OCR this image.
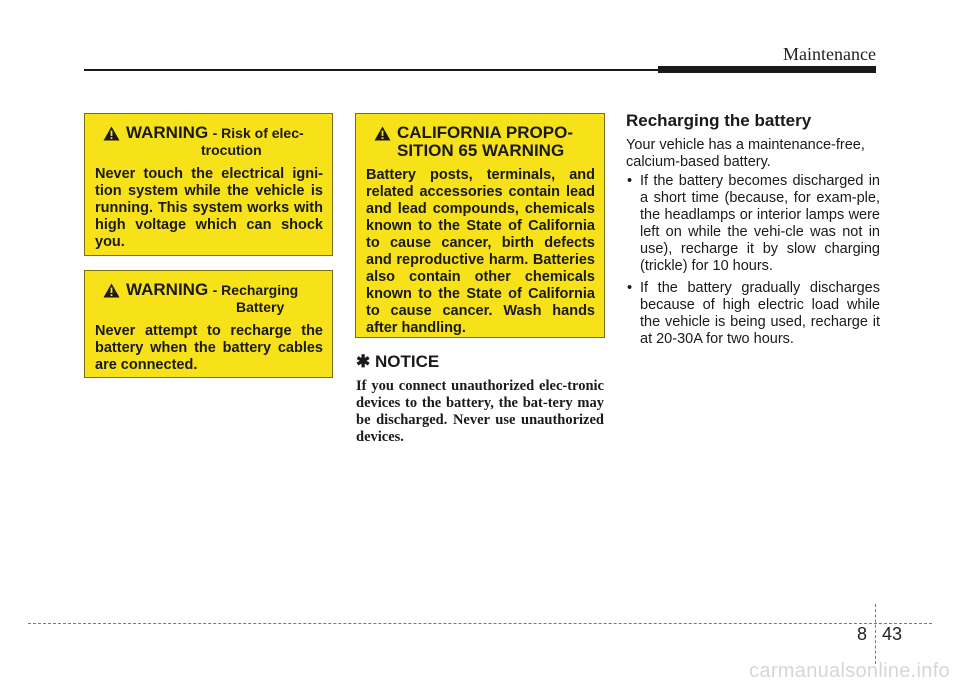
Maintenance
WARNING - Risk of elec-
trocution
Never touch the electrical igni-tion system while the vehicle is running. This system works with high voltage which can shock you.
WARNING - Recharging
Battery
Never attempt to recharge the battery when the battery cables are connected.
CALIFORNIA PROPO-
SITION 65 WARNING
Battery posts, terminals, and related accessories contain lead and lead compounds, chemicals known to the State of California to cause cancer, birth defects and reproductive harm. Batteries also contain other chemicals known to the State of California to cause cancer. Wash hands after handling.
✱ NOTICE
If you connect unauthorized elec-tronic devices to the battery, the bat-tery may be discharged. Never use unauthorized devices.
Recharging the battery
Your vehicle has a maintenance-free, calcium-based battery.
• If the battery becomes discharged in a short time (because, for exam-ple, the headlamps or interior lamps were left on while the vehi-cle was not in use), recharge it by slow charging (trickle) for 10 hours.
• If the battery gradually discharges because of high electric load while the vehicle is being used, recharge it at 20-30A for two hours.
8 43
carmanualsonline.info
